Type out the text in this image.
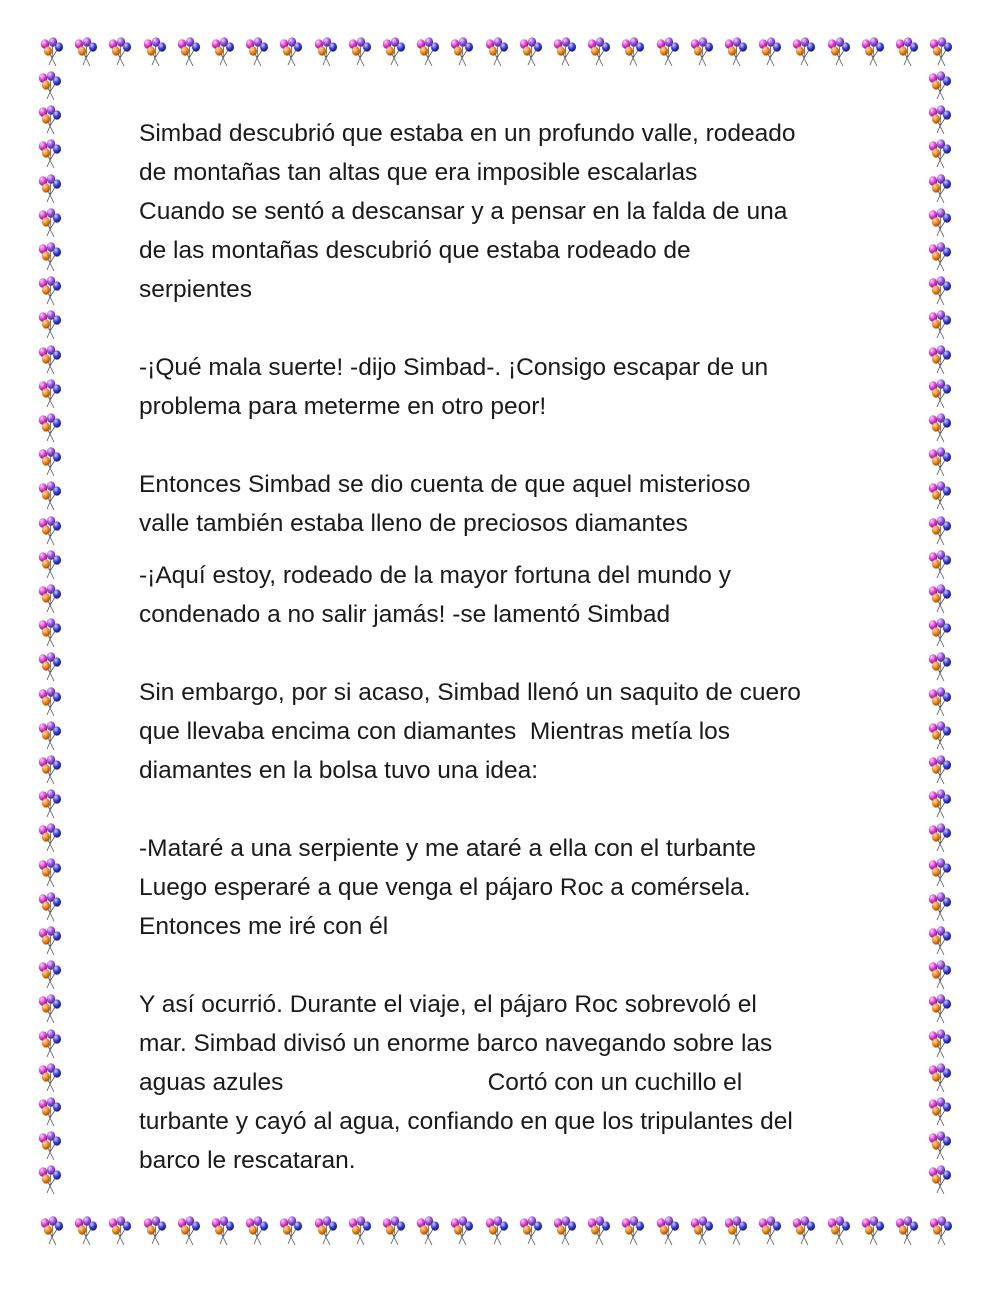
Simbad descubrió que estaba en un profundo valle, rodeado
de montañas tan altas que era imposible escalarlas
Cuando se sentó a descansar y a pensar en la falda de una
de las montañas descubrió que estaba rodeado de
serpientes
-¡Qué mala suerte! -dijo Simbad-. ¡Consigo escapar de un
problema para meterme en otro peor!
Entonces Simbad se dio cuenta de que aquel misterioso
valle también estaba lleno de preciosos diamantes
-¡Aquí estoy, rodeado de la mayor fortuna del mundo y
condenado a no salir jamás! -se lamentó Simbad
Sin embargo, por si acaso, Simbad llenó un saquito de cuero
que llevaba encima con diamantes  Mientras metía los
diamantes en la bolsa tuvo una idea:
-Mataré a una serpiente y me ataré a ella con el turbante
Luego esperaré a que venga el pájaro Roc a comérsela.
Entonces me iré con él
Y así ocurrió. Durante el viaje, el pájaro Roc sobrevoló el
mar. Simbad divisó un enorme barco navegando sobre las
aguas azules                              Cortó con un cuchillo el
turbante y cayó al agua, confiando en que los tripulantes del
barco le rescataran.
